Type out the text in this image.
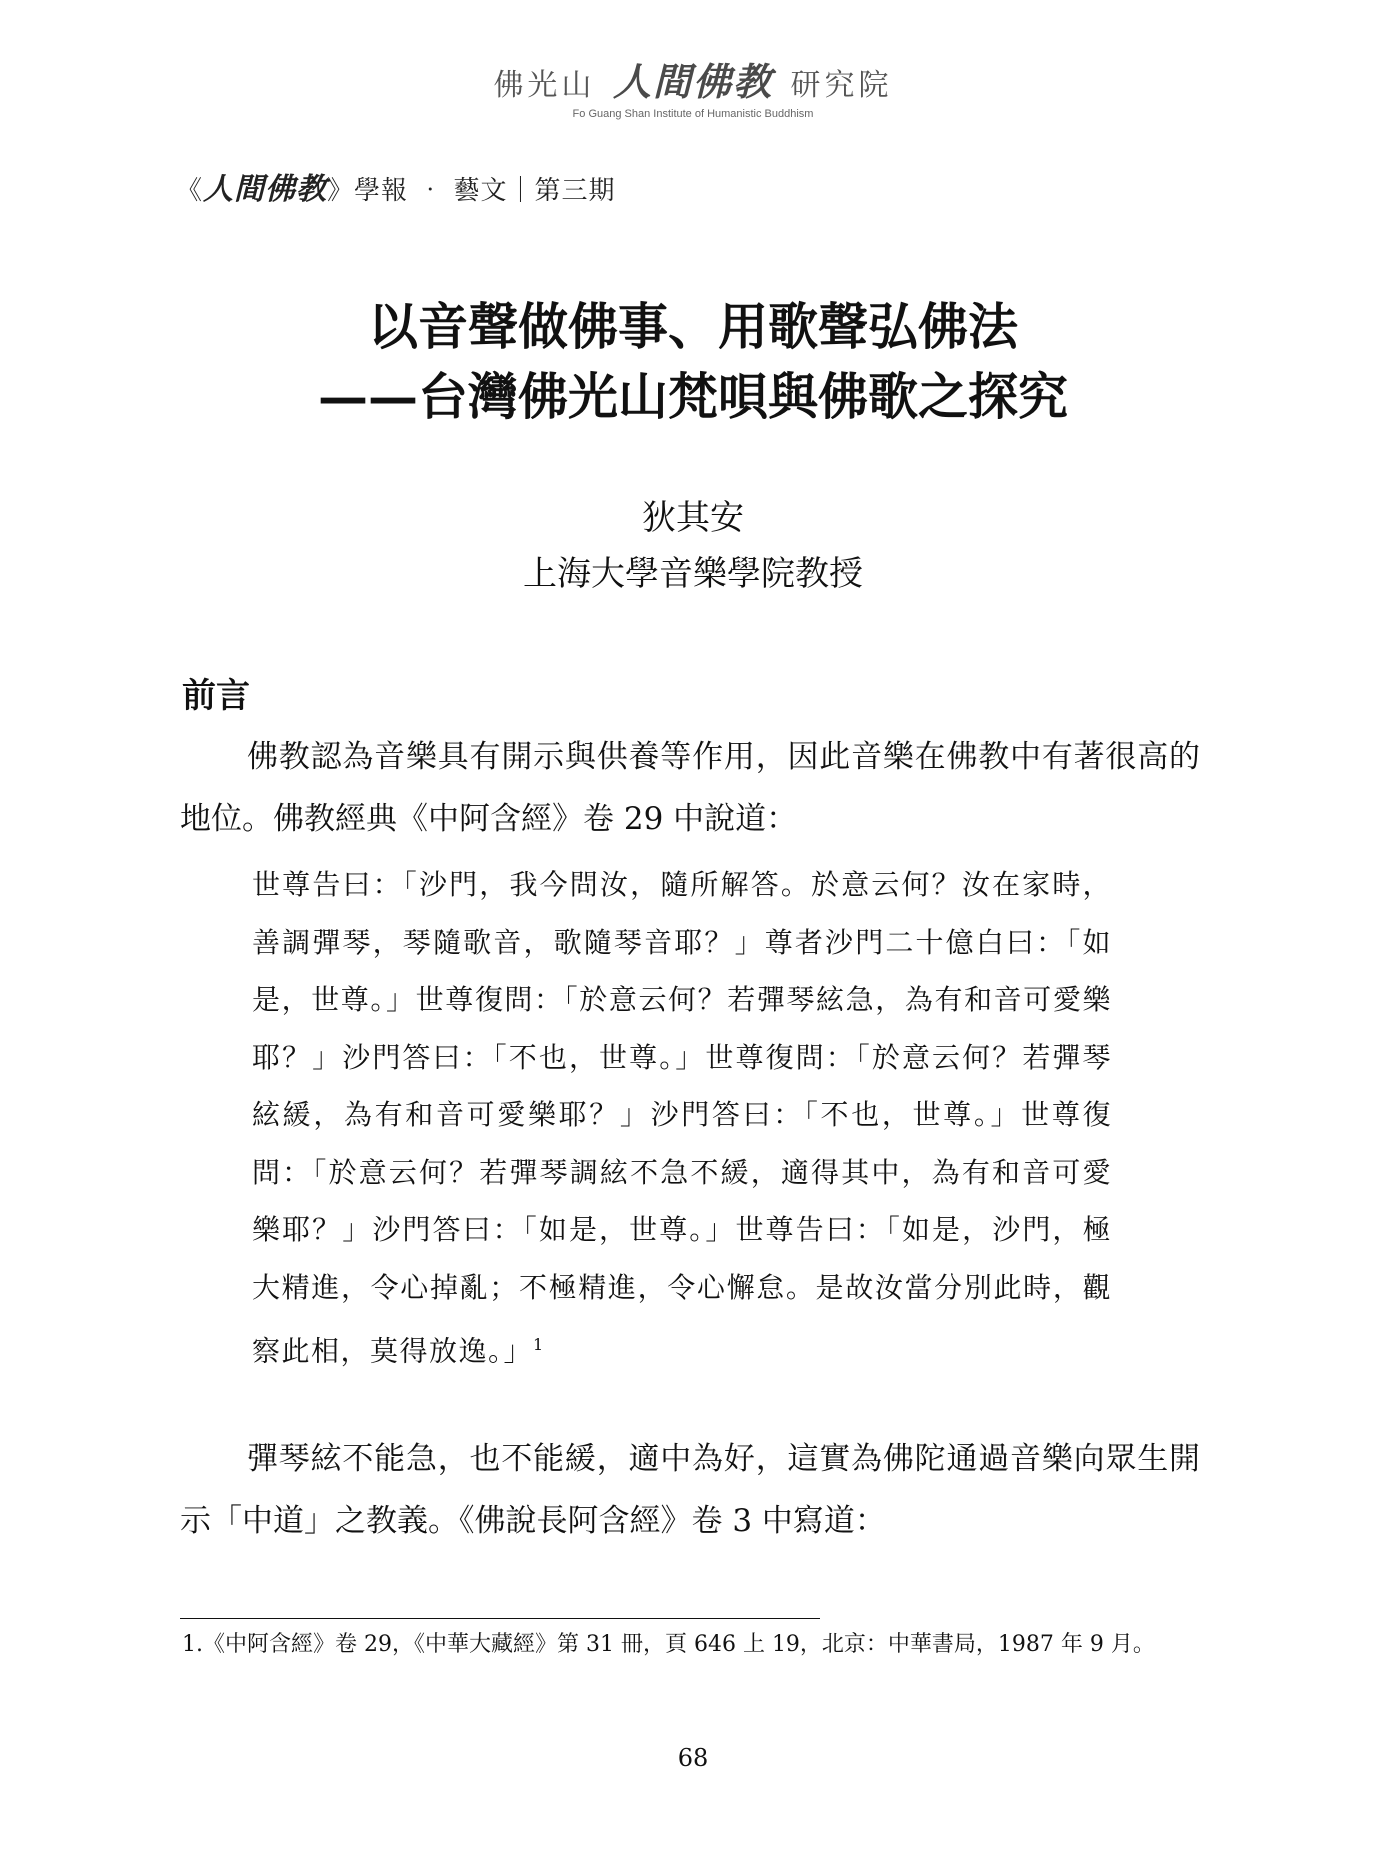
佛光山 人間佛教 研究院
Fo Guang Shan Institute of Humanistic Buddhism
《人間佛教》學報 ‧ 藝文｜第三期
以音聲做佛事、用歌聲弘佛法
——台灣佛光山梵唄與佛歌之探究
狄其安
上海大學音樂學院教授
前言
佛教認為音樂具有開示與供養等作用，因此音樂在佛教中有著很高的地位。佛教經典《中阿含經》卷 29 中說道：
世尊告曰：「沙門，我今問汝，隨所解答。於意云何？汝在家時，善調彈琴，琴隨歌音，歌隨琴音耶？」尊者沙門二十億白曰：「如是，世尊。」世尊復問：「於意云何？若彈琴絃急，為有和音可愛樂耶？」沙門答曰：「不也，世尊。」世尊復問：「於意云何？若彈琴絃緩，為有和音可愛樂耶？」沙門答曰：「不也，世尊。」世尊復問：「於意云何？若彈琴調絃不急不緩，適得其中，為有和音可愛樂耶？」沙門答曰：「如是，世尊。」世尊告曰：「如是，沙門，極大精進，令心掉亂；不極精進，令心懈怠。是故汝當分別此時，觀察此相，莫得放逸。」$^1$
彈琴絃不能急，也不能緩，適中為好，這實為佛陀通過音樂向眾生開示「中道」之教義。《佛說長阿含經》卷 3 中寫道：
1.《中阿含經》卷 29，《中華大藏經》第 31 冊，頁 646 上 19，北京：中華書局，1987 年 9 月。
68
